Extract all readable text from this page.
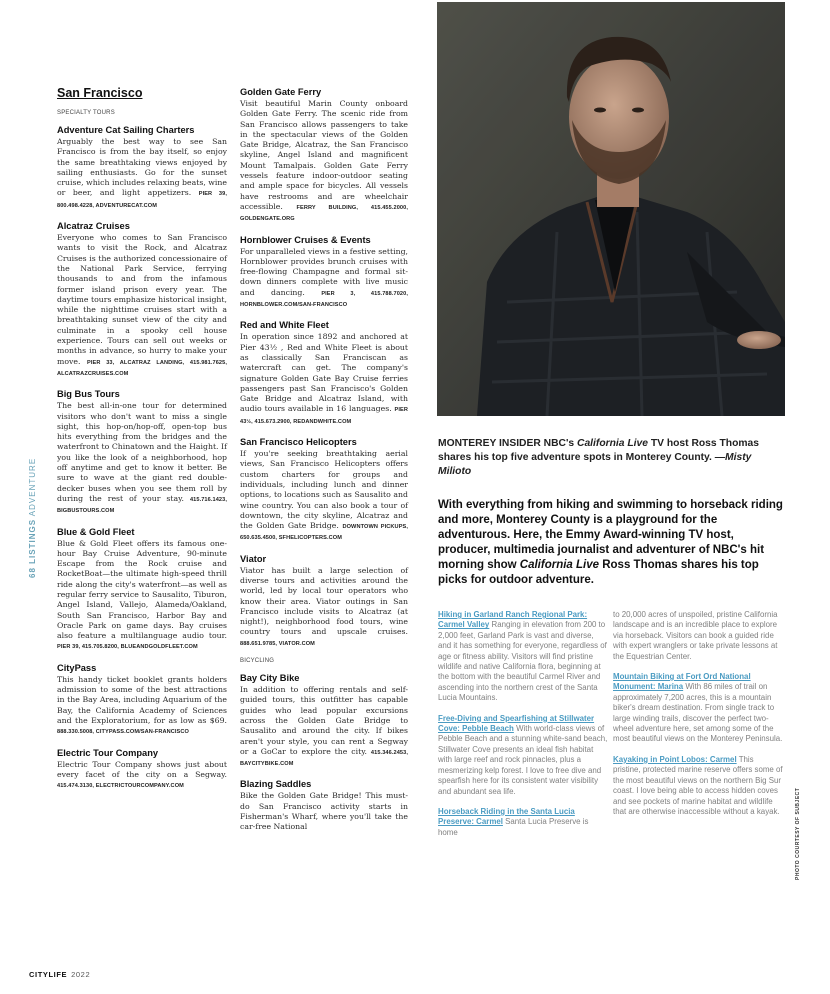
68 LISTINGS ADVENTURE
San Francisco
SPECIALTY TOURS
Adventure Cat Sailing Charters
Arguably the best way to see San Francisco is from the bay itself, so enjoy the same breathtaking views enjoyed by sailing enthusiasts. Go for the sunset cruise, which includes relaxing beats, wine or beer, and light appetizers. PIER 39, 800.498.4228, ADVENTURECAT.COM
Alcatraz Cruises
Everyone who comes to San Francisco wants to visit the Rock, and Alcatraz Cruises is the authorized concessionaire of the National Park Service, ferrying thousands to and from the infamous former island prison every year. The daytime tours emphasize historical insight, while the nighttime cruises start with a breathtaking sunset view of the city and culminate in a spooky cell house experience. Tours can sell out weeks or months in advance, so hurry to make your move. PIER 33, ALCATRAZ LANDING, 415.981.7625, ALCATRAZCRUISES.COM
Big Bus Tours
The best all-in-one tour for determined visitors who don't want to miss a single sight, this hop-on/hop-off, open-top bus hits everything from the bridges and the waterfront to Chinatown and the Haight. If you like the look of a neighborhood, hop off anytime and get to know it better. Be sure to wave at the giant red double-decker buses when you see them roll by during the rest of your stay. 415.716.1423, BIGBUSTOURS.COM
Blue & Gold Fleet
Blue & Gold Fleet offers its famous one-hour Bay Cruise Adventure, 90-minute Escape from the Rock cruise and RocketBoat—the ultimate high-speed thrill ride along the city's waterfront—as well as regular ferry service to Sausalito, Tiburon, Angel Island, Vallejo, Alameda/Oakland, South San Francisco, Harbor Bay and Oracle Park on game days. Bay cruises also feature a multilanguage audio tour. PIER 39, 415.705.8200, BLUEANDGOLDFLEET.COM
CityPass
This handy ticket booklet grants holders admission to some of the best attractions in the Bay Area, including Aquarium of the Bay, the California Academy of Sciences and the Exploratorium, for as low as $69. 888.330.5008, CITYPASS.COM/SAN-FRANCISCO
Electric Tour Company
Electric Tour Company shows just about every facet of the city on a Segway. 415.474.3130, ELECTRICTOURCOMPANY.COM
Golden Gate Ferry
Visit beautiful Marin County onboard Golden Gate Ferry. The scenic ride from San Francisco allows passengers to take in the spectacular views of the Golden Gate Bridge, Alcatraz, the San Francisco skyline, Angel Island and magnificent Mount Tamalpais. Golden Gate Ferry vessels feature indoor-outdoor seating and ample space for bicycles. All vessels have restrooms and are wheelchair accessible. FERRY BUILDING, 415.455.2000, GOLDENGATE.ORG
Hornblower Cruises & Events
For unparalleled views in a festive setting, Hornblower provides brunch cruises with free-flowing Champagne and formal sit-down dinners complete with live music and dancing.	PIER 3, 415.788.7020, HORNBLOWER.COM/SAN-FRANCISCO
Red and White Fleet
In operation since 1892 and anchored at Pier 43½ , Red and White Fleet is about as classically San Franciscan as watercraft can get. The company's signature Golden Gate Bay Cruise ferries passengers past San Francisco's Golden Gate Bridge and Alcatraz Island, with audio tours available in 16 languages. PIER 43½, 415.673.2900, REDANDWHITE.COM
San Francisco Helicopters
If you're seeking breathtaking aerial views, San Francisco Helicopters offers custom charters for groups and individuals, including lunch and dinner options, to locations such as Sausalito and wine country. You can also book a tour of downtown, the city skyline, Alcatraz and the Golden Gate Bridge. DOWNTOWN PICKUPS, 650.635.4500, SFHELICOPTERS.COM
Viator
Viator has built a large selection of diverse tours and activities around the world, led by local tour operators who know their area. Viator outings in San Francisco include visits to Alcatraz (at night!), neighborhood food tours, wine country tours and upscale cruises. 888.651.9785, VIATOR.COM
BICYCLING
Bay City Bike
In addition to offering rentals and self-guided tours, this outfitter has capable guides who lead popular excursions across the Golden Gate Bridge to Sausalito and around the city. If bikes aren't your style, you can rent a Segway or a GoCar to explore the city. 415.346.2453, BAYCITYBIKE.COM
Blazing Saddles
Bike the Golden Gate Bridge! This must-do San Francisco activity starts in Fisherman's Wharf, where you'll take the car-free National
MONTEREY INSIDER NBC's California Live TV host Ross Thomas shares his top five adventure spots in Monterey County. —Misty Milioto
With everything from hiking and swimming to horseback riding and more, Monterey County is a playground for the adventurous. Here, the Emmy Award-winning TV host, producer, multimedia journalist and adventurer of NBC's hit morning show California Live Ross Thomas shares his top picks for outdoor adventure.
Hiking in Garland Ranch Regional Park: Carmel Valley Ranging in elevation from 200 to 2,000 feet, Garland Park is vast and diverse, and it has something for everyone, regardless of age or fitness ability. Visitors will find pristine wildlife and native California flora, beginning at the bottom with the beautiful Carmel River and ascending into the northern crest of the Santa Lucia Mountains.
Free-Diving and Spearfishing at Stillwater Cove: Pebble Beach With world-class views of Pebble Beach and a stunning white-sand beach, Stillwater Cove presents an ideal fish habitat with large reef and rock pinnacles, plus a mesmerizing kelp forest. I love to free dive and spearfish here for its consistent water visibility and abundant sea life.
Horseback Riding in the Santa Lucia Preserve: Carmel Santa Lucia Preserve is home
to 20,000 acres of unspoiled, pristine California landscape and is an incredible place to explore via horseback. Visitors can book a guided ride with expert wranglers or take private lessons at the Equestrian Center.
Mountain Biking at Fort Ord National Monument: Marina With 86 miles of trail on approximately 7,200 acres, this is a mountain biker's dream destination. From single track to large winding trails, discover the perfect two-wheel adventure here, set among some of the most beautiful views on the Monterey Peninsula.
Kayaking in Point Lobos: Carmel This pristine, protected marine reserve offers some of the most beautiful views on the northern Big Sur coast. I love being able to access hidden coves and see pockets of marine habitat and wildlife that are otherwise inaccessible without a kayak.	PHOTO COURTESY OF SUBJECT
CITYLIFE 2022
